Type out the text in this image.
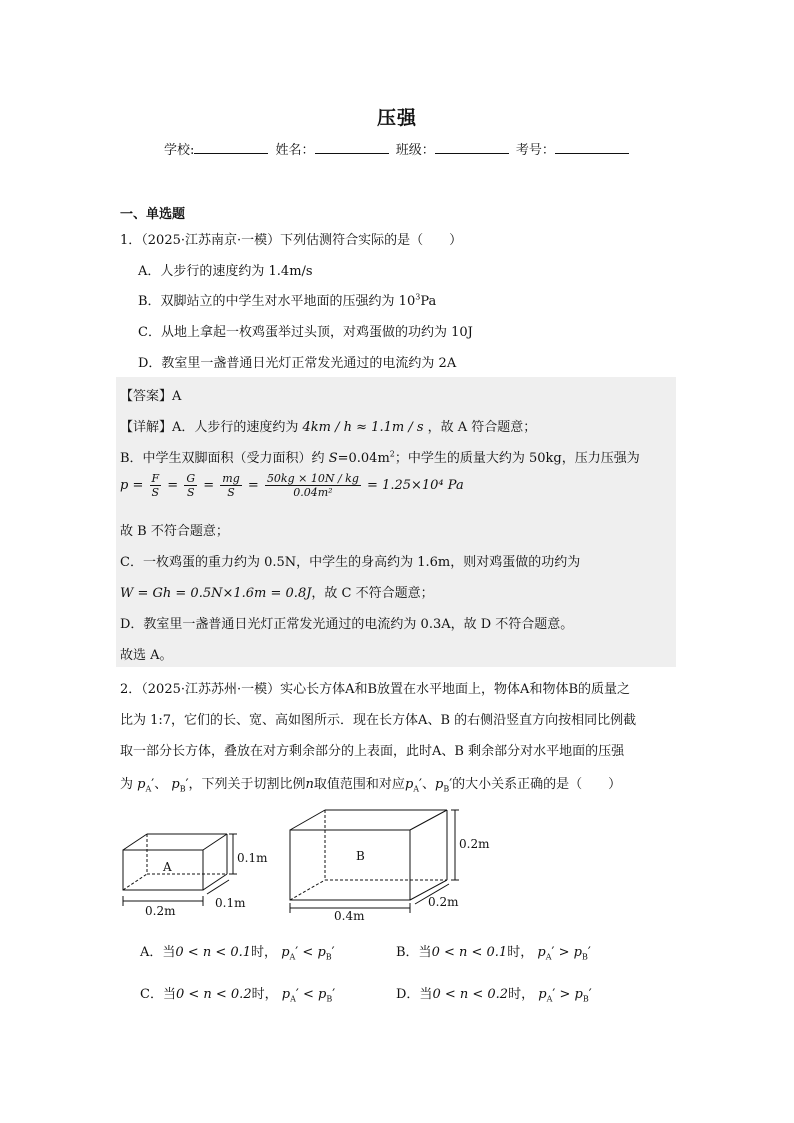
压强
学校:	姓名：	班级：	考号：
一、单选题
1．（2025·江苏南京·一模）下列估测符合实际的是（　　）
A．人步行的速度约为 1.4m/s
B．双脚站立的中学生对水平地面的压强约为 $10^3Pa$
C．从地上拿起一枚鸡蛋举过头顶，对鸡蛋做的功约为 10J
D．教室里一盏普通日光灯正常发光通过的电流约为 2A
【答案】A
【详解】A．人步行的速度约为 4km / h ≈ 1.1m / s ，故 A 符合题意；
B．中学生双脚面积（受力面积）约 $S=0.04m^2$；中学生的质量大约为 50kg，压力压强为
$p = \frac{F}{S} = \frac{G}{S} = \frac{mg}{S} = \frac{50kg \times 10N / kg}{\text{0.04m²}} = 1.25\times 10^4$ Pa
故 B 不符合题意；
C．一枚鸡蛋的重力约为 0.5N，中学生的身高约为 1.6m，则对鸡蛋做的功约为
W = Gh = 0.5N×1.6m = 0.8J，故 C 不符合题意；
D．教室里一盏普通日光灯正常发光通过的电流约为 0.3A，故 D 不符合题意。
故选 A。
2．（2025·江苏苏州·一模）实心长方体A和B放置在水平地面上，物体A和物体B的质量之
比为 1:7，它们的长、宽、高如图所示．现在长方体A、B 的右侧沿竖直方向按相同比例截
取一部分长方体，叠放在对方剩余部分的上表面，此时A、B 剩余部分对水平地面的压强
为 $p_A'$、 $p_B'$，下列关于切割比例n取值范围和对应$p_A'$、$p_B'$的大小关系正确的是（　　）
A
0.1m
0.2m
0.1m
B
0.2m
0.4m
0.2m
A．当0 < n < 0.1时， $p_A' < p_B'$	B．当0 < n < 0.1时， $p_A' > p_B'$
C．当0 < n < 0.2时， $p_A' < p_B'$	D．当0 < n < 0.2时， $p_A' > p_B'$
